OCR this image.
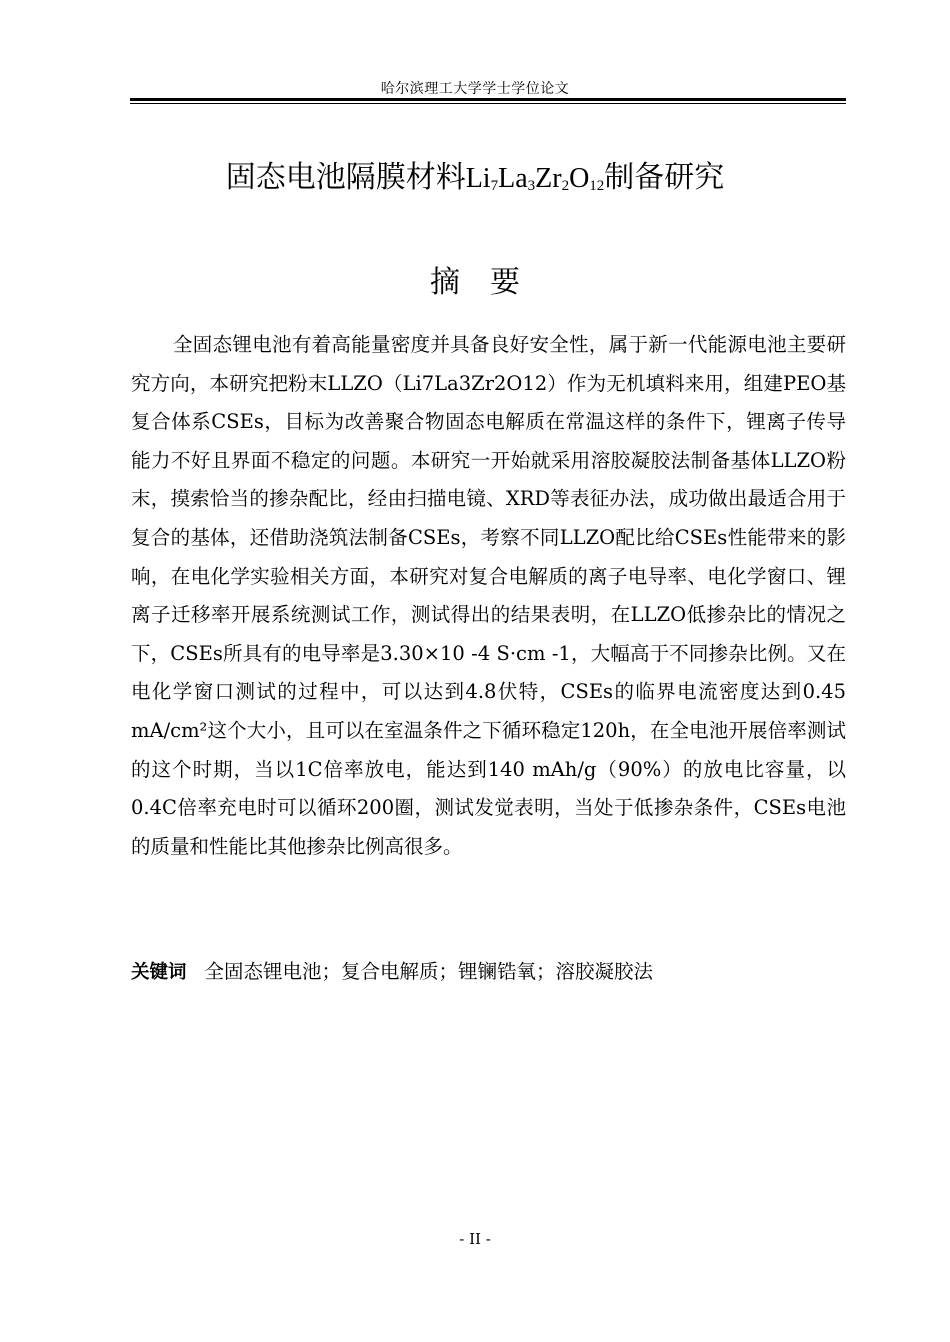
哈尔滨理工大学学士学位论文
固态电池隔膜材料$Li_7La_3Zr_2O_{12}$制备研究
摘要

全固态锂电池有着高能量密度并具备良好安全性，属于新一代能源电池主要研究方向，本研究把粉末LLZO（Li7La3Zr2O12）作为无机填料来用，组建PEO基复合体系CSEs，目标为改善聚合物固态电解质在常温这样的条件下，锂离子传导能力不好且界面不稳定的问题。本研究一开始就采用溶胶凝胶法制备基体LLZO粉末，摸索恰当的掺杂配比，经由扫描电镜、XRD等表征办法，成功做出最适合用于复合的基体，还借助浇筑法制备CSEs，考察不同LLZO配比给CSEs性能带来的影响，在电化学实验相关方面，本研究对复合电解质的离子电导率、电化学窗口、锂离子迁移率开展系统测试工作，测试得出的结果表明，在LLZO低掺杂比的情况之下，CSEs所具有的电导率是3.30×10 -4 S·cm -1，大幅高于不同掺杂比例。又在电化学窗口测试的过程中，可以达到4.8伏特，CSEs的临界电流密度达到0.45 mA/cm²这个大小，且可以在室温条件之下循环稳定120h，在全电池开展倍率测试的这个时期，当以1C倍率放电，能达到140 mAh/g（90%）的放电比容量，以0.4C倍率充电时可以循环200圈，测试发觉表明，当处于低掺杂条件，CSEs电池的质量和性能比其他掺杂比例高很多。

关键词 全固态锂电池；复合电解质；锂镧锆氧；溶胶凝胶法
- II -
